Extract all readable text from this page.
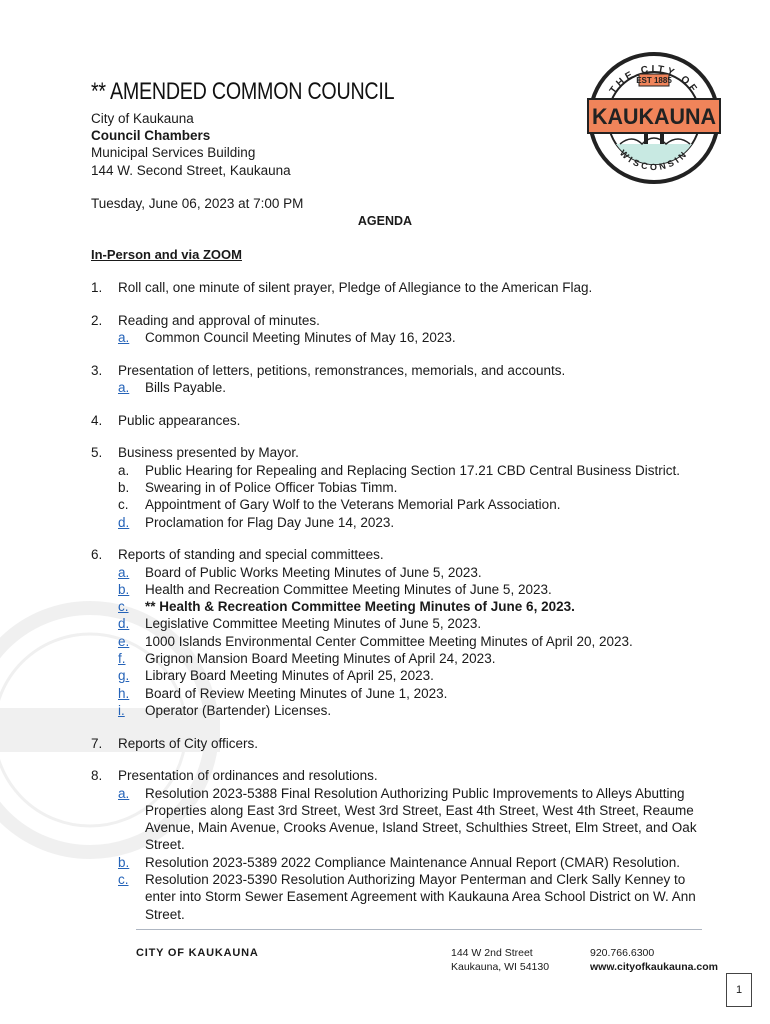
EST 1885
KAUKAUNA
THE CITY OF
WISCONSIN
** AMENDED COMMON COUNCIL
City of Kaukauna
Council Chambers
Municipal Services Building
144 W. Second Street, Kaukauna
Tuesday, June 06, 2023 at 7:00 PM
AGENDA
In-Person and via ZOOM
1.	Roll call, one minute of silent prayer, Pledge of Allegiance to the American Flag.
2.	Reading and approval of minutes.
a.	Common Council Meeting Minutes of May 16, 2023.
3.	Presentation of letters, petitions, remonstrances, memorials, and accounts.
a.	Bills Payable.
4.	Public appearances.
5.	Business presented by Mayor.
a.	Public Hearing for Repealing and Replacing Section 17.21 CBD Central Business District.
b.	Swearing in of Police Officer Tobias Timm.
c.	Appointment of Gary Wolf to the Veterans Memorial Park Association.
d.	Proclamation for Flag Day June 14, 2023.
6.	Reports of standing and special committees.
a.	Board of Public Works Meeting Minutes of June 5, 2023.
b.	Health and Recreation Committee Meeting Minutes of June 5, 2023.
c.	** Health & Recreation Committee Meeting Minutes of June 6, 2023.
d.	Legislative Committee Meeting Minutes of June 5, 2023.
e.	1000 Islands Environmental Center Committee Meeting Minutes of April 20, 2023.
f.	Grignon Mansion Board Meeting Minutes of April 24, 2023.
g.	Library Board Meeting Minutes of April 25, 2023.
h.	Board of Review Meeting Minutes of June 1, 2023.
i.	Operator (Bartender) Licenses.
7.	Reports of City officers.
8.	Presentation of ordinances and resolutions.
a.	Resolution 2023-5388 Final Resolution Authorizing Public Improvements to Alleys Abutting Properties along East 3rd Street, West 3rd Street, East 4th Street, West 4th Street, Reaume Avenue, Main Avenue, Crooks Avenue, Island Street, Schulthies Street, Elm Street, and Oak Street.
b.	Resolution 2023-5389 2022 Compliance Maintenance Annual Report (CMAR) Resolution.
c.	Resolution 2023-5390 Resolution Authorizing Mayor Penterman and Clerk Sally Kenney to enter into Storm Sewer Easement Agreement with Kaukauna Area School District on W. Ann Street.
CITY OF KAUKAUNA	144 W 2nd Street
Kaukauna, WI 54130
920.766.6300
www.cityofkaukauna.com
1
